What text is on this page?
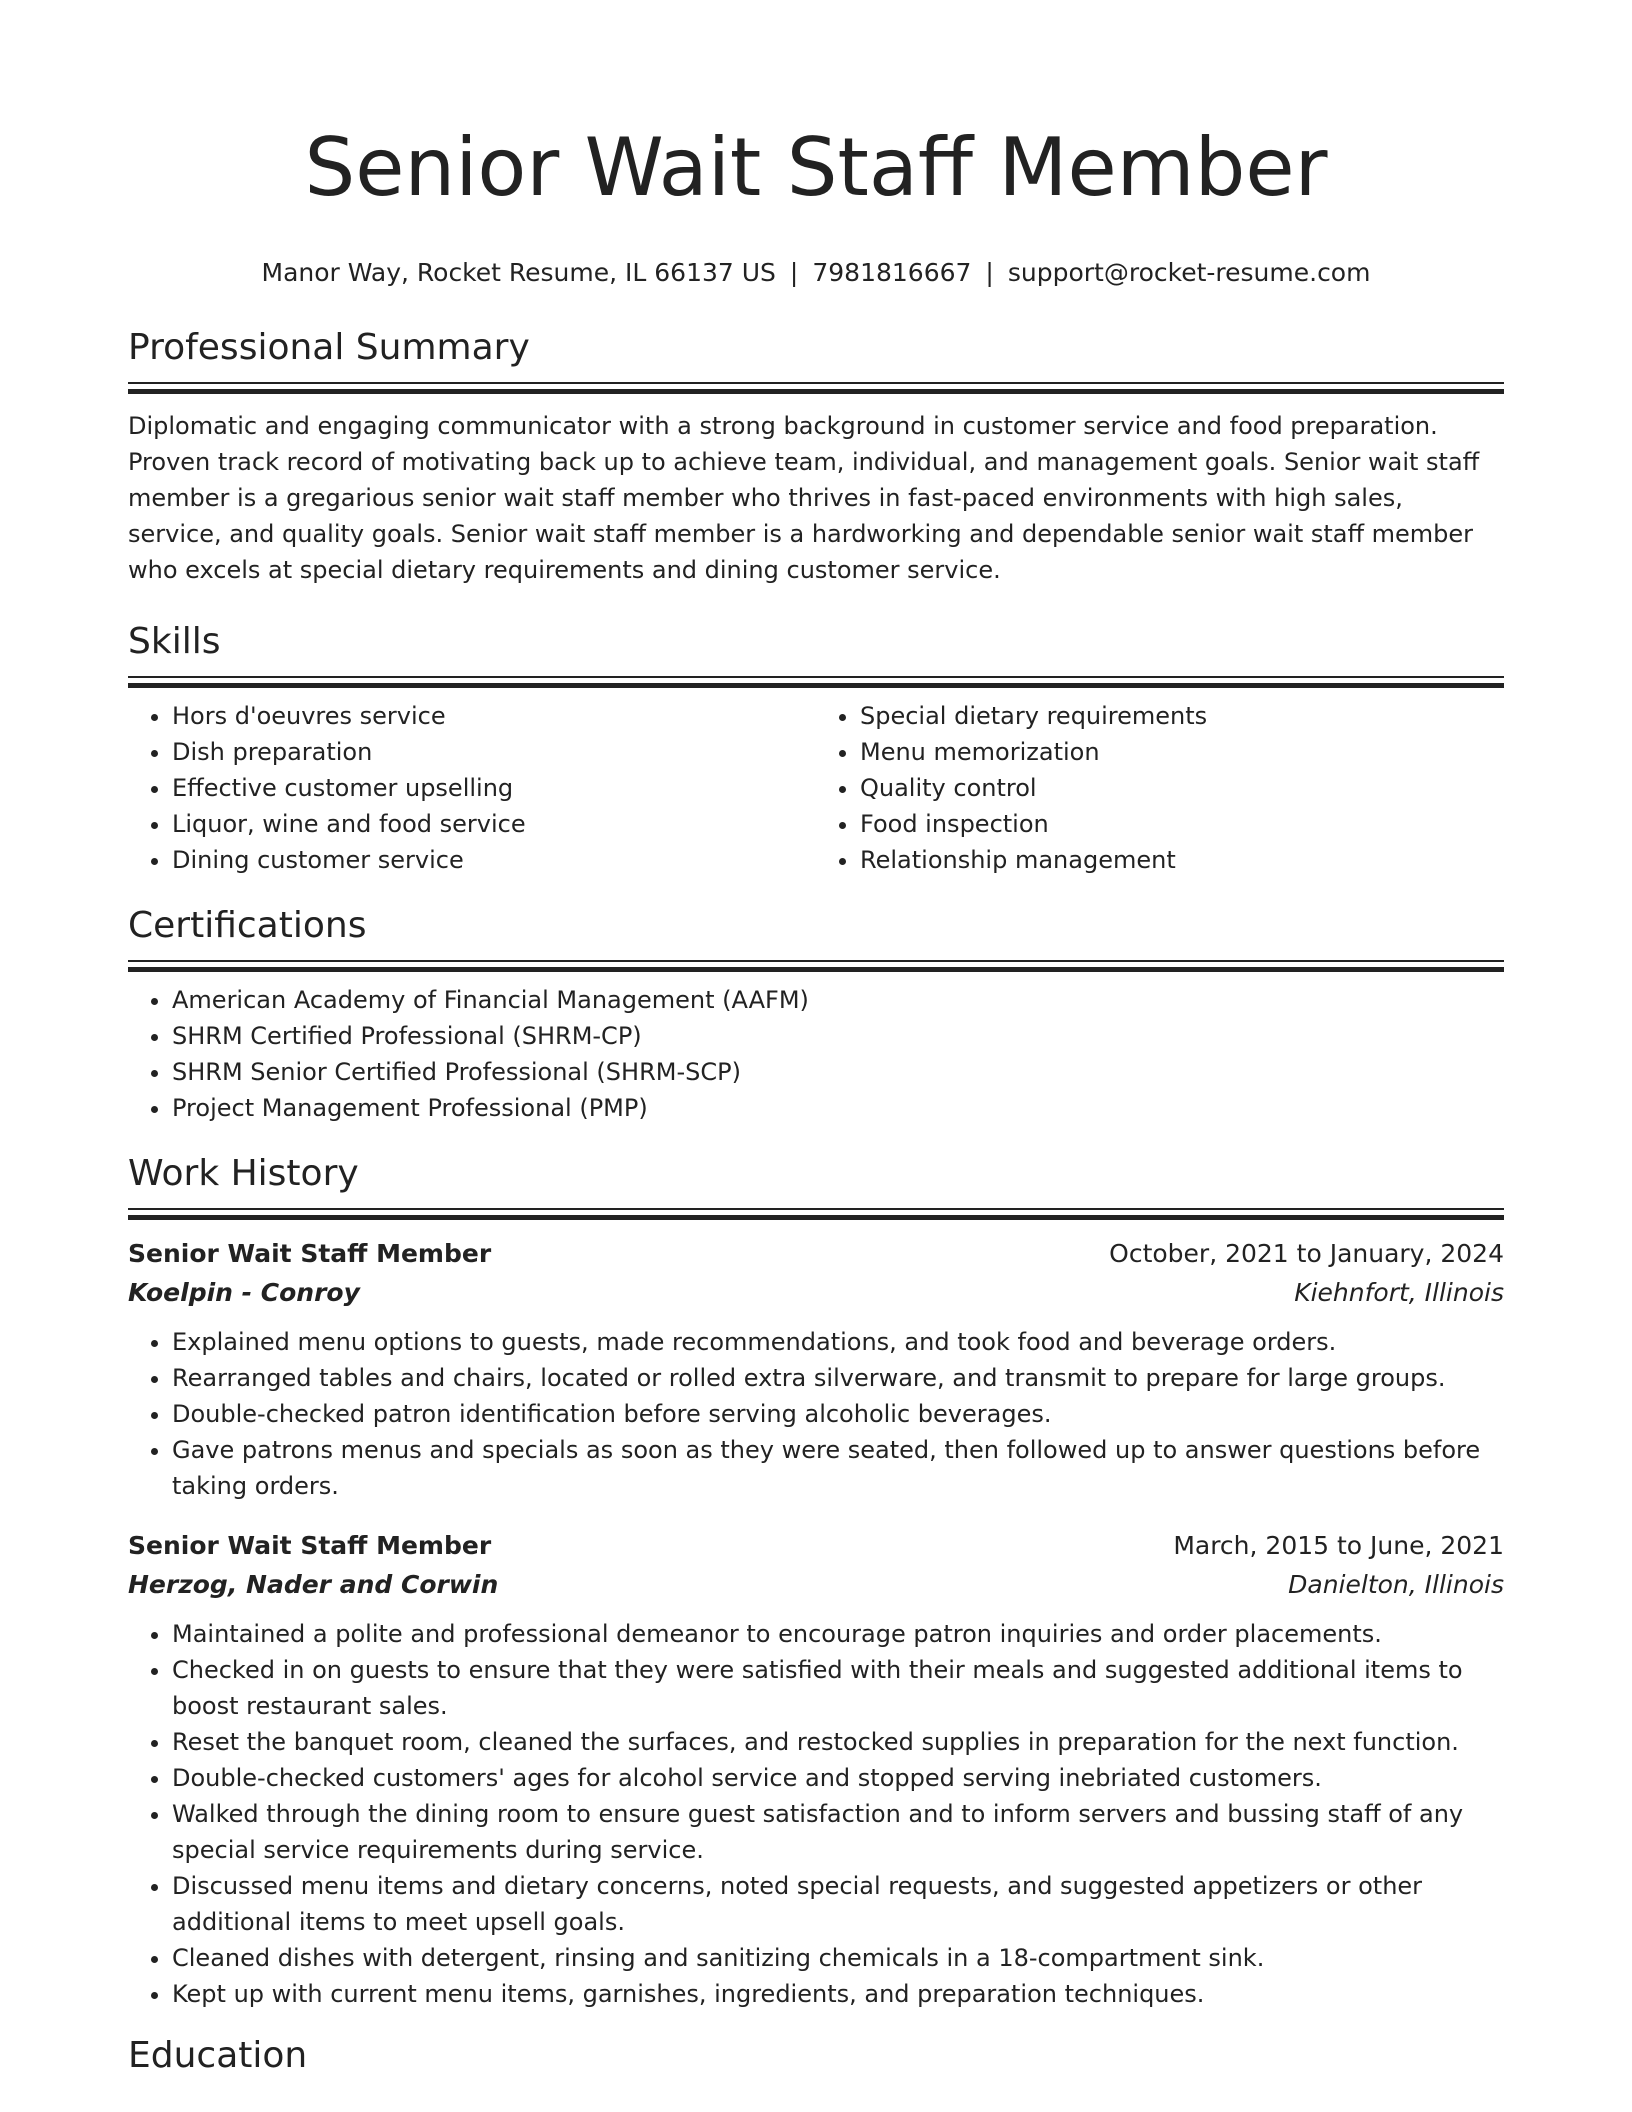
Senior Wait Staff Member
Manor Way, Rocket Resume, IL 66137 US | 7981816667 | support@rocket-resume.com
Professional Summary

Diplomatic and engaging communicator with a strong background in customer service and food preparation. Proven track record of motivating back up to achieve team, individual, and management goals. Senior wait staff member is a gregarious senior wait staff member who thrives in fast-paced environments with high sales, service, and quality goals. Senior wait staff member is a hardworking and dependable senior wait staff member who excels at special dietary requirements and dining customer service.

Skills
• Hors d'oeuvres service
• Dish preparation
• Effective customer upselling
• Liquor, wine and food service
• Dining customer service
• Special dietary requirements
• Menu memorization
• Quality control
• Food inspection
• Relationship management
Certifications
• American Academy of Financial Management (AAFM)
• SHRM Certified Professional (SHRM-CP)
• SHRM Senior Certified Professional (SHRM-SCP)
• Project Management Professional (PMP)
Work History
Senior Wait Staff Member	October, 2021 to January, 2024
Koelpin - Conroy	Kiehnfort, Illinois
• Explained menu options to guests, made recommendations, and took food and beverage orders.
• Rearranged tables and chairs, located or rolled extra silverware, and transmit to prepare for large groups.
• Double-checked patron identification before serving alcoholic beverages.
• Gave patrons menus and specials as soon as they were seated, then followed up to answer questions before taking orders.
Senior Wait Staff Member	March, 2015 to June, 2021
Herzog, Nader and Corwin	Danielton, Illinois
• Maintained a polite and professional demeanor to encourage patron inquiries and order placements.
• Checked in on guests to ensure that they were satisfied with their meals and suggested additional items to boost restaurant sales.
• Reset the banquet room, cleaned the surfaces, and restocked supplies in preparation for the next function.
• Double-checked customers' ages for alcohol service and stopped serving inebriated customers.
• Walked through the dining room to ensure guest satisfaction and to inform servers and bussing staff of any special service requirements during service.
• Discussed menu items and dietary concerns, noted special requests, and suggested appetizers or other additional items to meet upsell goals.
• Cleaned dishes with detergent, rinsing and sanitizing chemicals in a 18-compartment sink.
• Kept up with current menu items, garnishes, ingredients, and preparation techniques.
Education
